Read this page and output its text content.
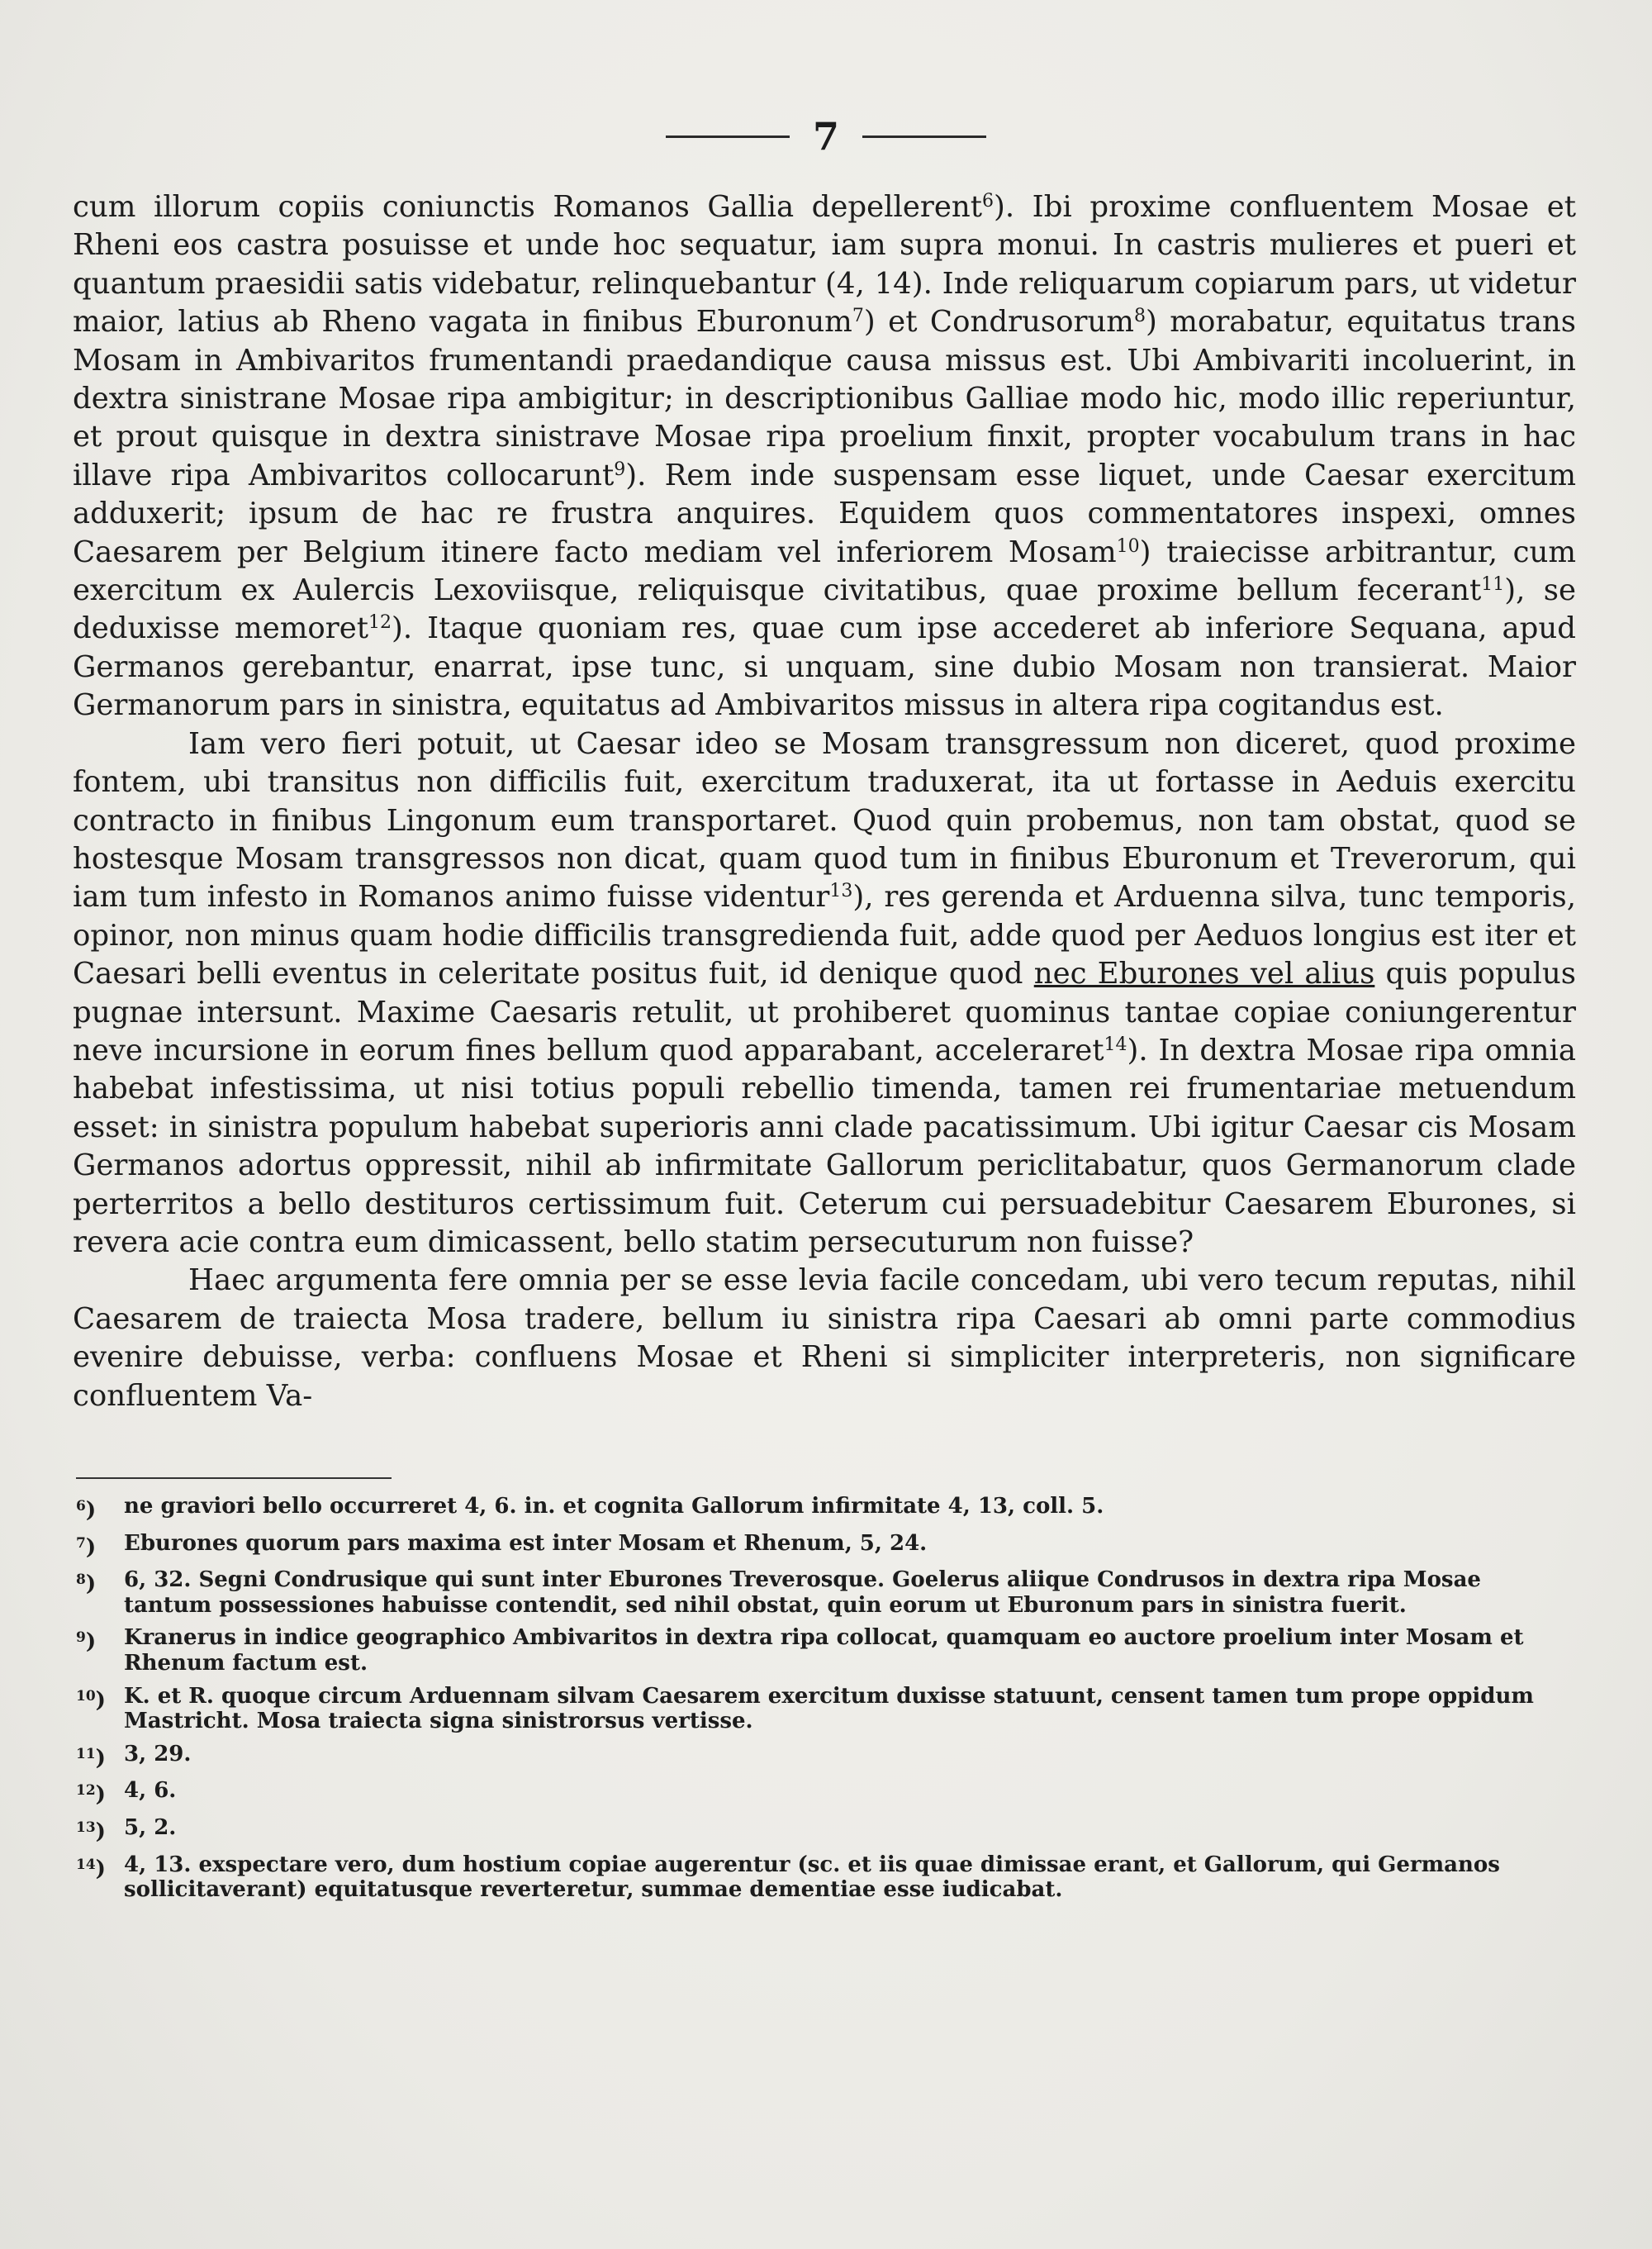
7

cum illorum copiis coniunctis Romanos Gallia depellerent$^6$). Ibi proxime confluentem Mosae et Rheni eos castra posuisse et unde hoc sequatur, iam supra monui. In castris mulieres et pueri et quantum praesidii satis videbatur, relinquebantur (4, 14). Inde reliquarum copiarum pars, ut videtur maior, latius ab Rheno vagata in finibus Eburonum$^7$) et Condrusorum$^8$) morabatur, equitatus trans Mosam in Ambivaritos frumentandi praedandique causa missus est. Ubi Ambivariti incoluerint, in dextra sinistrane Mosae ripa ambigitur; in descriptionibus Galliae modo hic, modo illic reperiuntur, et prout quisque in dextra sinistrave Mosae ripa proelium finxit, propter vocabulum trans in hac illave ripa Ambivaritos collocarunt$^9$). Rem inde suspensam esse liquet, unde Caesar exercitum adduxerit; ipsum de hac re frustra anquires. Equidem quos commentatores inspexi, omnes Caesarem per Belgium itinere facto mediam vel inferiorem Mosam$^{10}$) traiecisse arbitrantur, cum exercitum ex Aulercis Lexoviisque, reliquisque civitatibus, quae proxime bellum fecerant$^{11}$), se deduxisse memoret$^{12}$). Itaque quoniam res, quae cum ipse accederet ab inferiore Sequana, apud Germanos gerebantur, enarrat, ipse tunc, si unquam, sine dubio Mosam non transierat. Maior Germanorum pars in sinistra, equitatus ad Ambivaritos missus in altera ripa cogitandus est.

Iam vero fieri potuit, ut Caesar ideo se Mosam transgressum non diceret, quod proxime fontem, ubi transitus non difficilis fuit, exercitum traduxerat, ita ut fortasse in Aeduis exercitu contracto in finibus Lingonum eum transportaret. Quod quin probemus, non tam obstat, quod se hostesque Mosam transgressos non dicat, quam quod tum in finibus Eburonum et Treverorum, qui iam tum infesto in Romanos animo fuisse videntur$^{13}$), res gerenda et Arduenna silva, tunc temporis, opinor, non minus quam hodie difficilis transgredienda fuit, adde quod per Aeduos longius est iter et Caesari belli eventus in celeritate positus fuit, id denique quod nec Eburones vel alius quis populus pugnae intersunt. Maxime Caesaris retulit, ut prohiberet quominus tantae copiae coniungerentur neve incursione in eorum fines bellum quod apparabant, acceleraret$^{14}$). In dextra Mosae ripa omnia habebat infestissima, ut nisi totius populi rebellio timenda, tamen rei frumentariae metuendum esset: in sinistra populum habebat superioris anni clade pacatissimum. Ubi igitur Caesar cis Mosam Germanos adortus oppressit, nihil ab infirmitate Gallorum periclitabatur, quos Germanorum clade perterritos a bello destituros certissimum fuit. Ceterum cui persuadebitur Caesarem Eburones, si revera acie contra eum dimicassent, bello statim persecuturum non fuisse?

Haec argumenta fere omnia per se esse levia facile concedam, ubi vero tecum reputas, nihil Caesarem de traiecta Mosa tradere, bellum iu sinistra ripa Caesari ab omni parte commodius evenire debuisse, verba: confluens Mosae et Rheni si simpliciter interpreteris, non significare confluentem Va-

$^6$)	ne graviori bello occurreret 4, 6. in. et cognita Gallorum infirmitate 4, 13, coll. 5.
$^7$)	Eburones quorum pars maxima est inter Mosam et Rhenum, 5, 24.
$^8$)	6, 32. Segni Condrusique qui sunt inter Eburones Treverosque. Goelerus aliique Condrusos in dextra ripa Mosae tantum possessiones habuisse contendit, sed nihil obstat, quin eorum ut Eburonum pars in sinistra fuerit.
$^9$)	Kranerus in indice geographico Ambivaritos in dextra ripa collocat, quamquam eo auctore proelium inter Mosam et Rhenum factum est.
$^{10}$) K. et R. quoque circum Arduennam silvam Caesarem exercitum duxisse statuunt, censent tamen tum prope oppidum Mastricht. Mosa traiecta signa sinistrorsus vertisse.
$^{11}$) 3, 29.
$^{12}$) 4, 6.
$^{13}$) 5, 2.
$^{14}$) 4, 13. exspectare vero, dum hostium copiae augerentur (sc. et iis quae dimissae erant, et Gallorum, qui Germanos sollicitaverant) equitatusque reverteretur, summae dementiae esse iudicabat.
